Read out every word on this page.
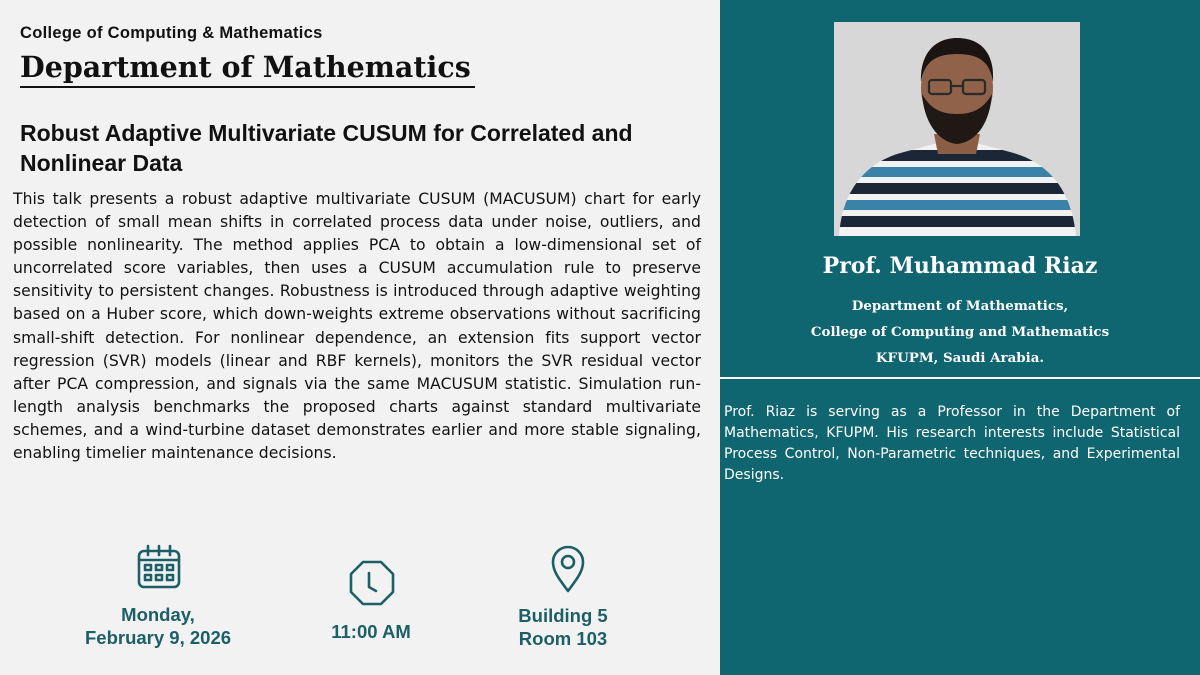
College of Computing & Mathematics
Department of Mathematics
Robust Adaptive Multivariate CUSUM for Correlated and Nonlinear Data
This talk presents a robust adaptive multivariate CUSUM (MACUSUM) chart for early detection of small mean shifts in correlated process data under noise, outliers, and possible nonlinearity. The method applies PCA to obtain a low-dimensional set of uncorrelated score variables, then uses a CUSUM accumulation rule to preserve sensitivity to persistent changes. Robustness is introduced through adaptive weighting based on a Huber score, which down-weights extreme observations without sacrificing small-shift detection. For nonlinear dependence, an extension fits support vector regression (SVR) models (linear and RBF kernels), monitors the SVR residual vector after PCA compression, and signals via the same MACUSUM statistic. Simulation run-length analysis benchmarks the proposed charts against standard multivariate schemes, and a wind-turbine dataset demonstrates earlier and more stable signaling, enabling timelier maintenance decisions.
Monday,
February 9, 2026	11:00 AM
Building 5
Room 103
Prof. Muhammad Riaz
Department of Mathematics,
College of Computing and Mathematics
KFUPM, Saudi Arabia.
Prof. Riaz is serving as a Professor in the Department of Mathematics, KFUPM. His research interests include Statistical Process Control, Non-Parametric techniques, and Experimental Designs.
